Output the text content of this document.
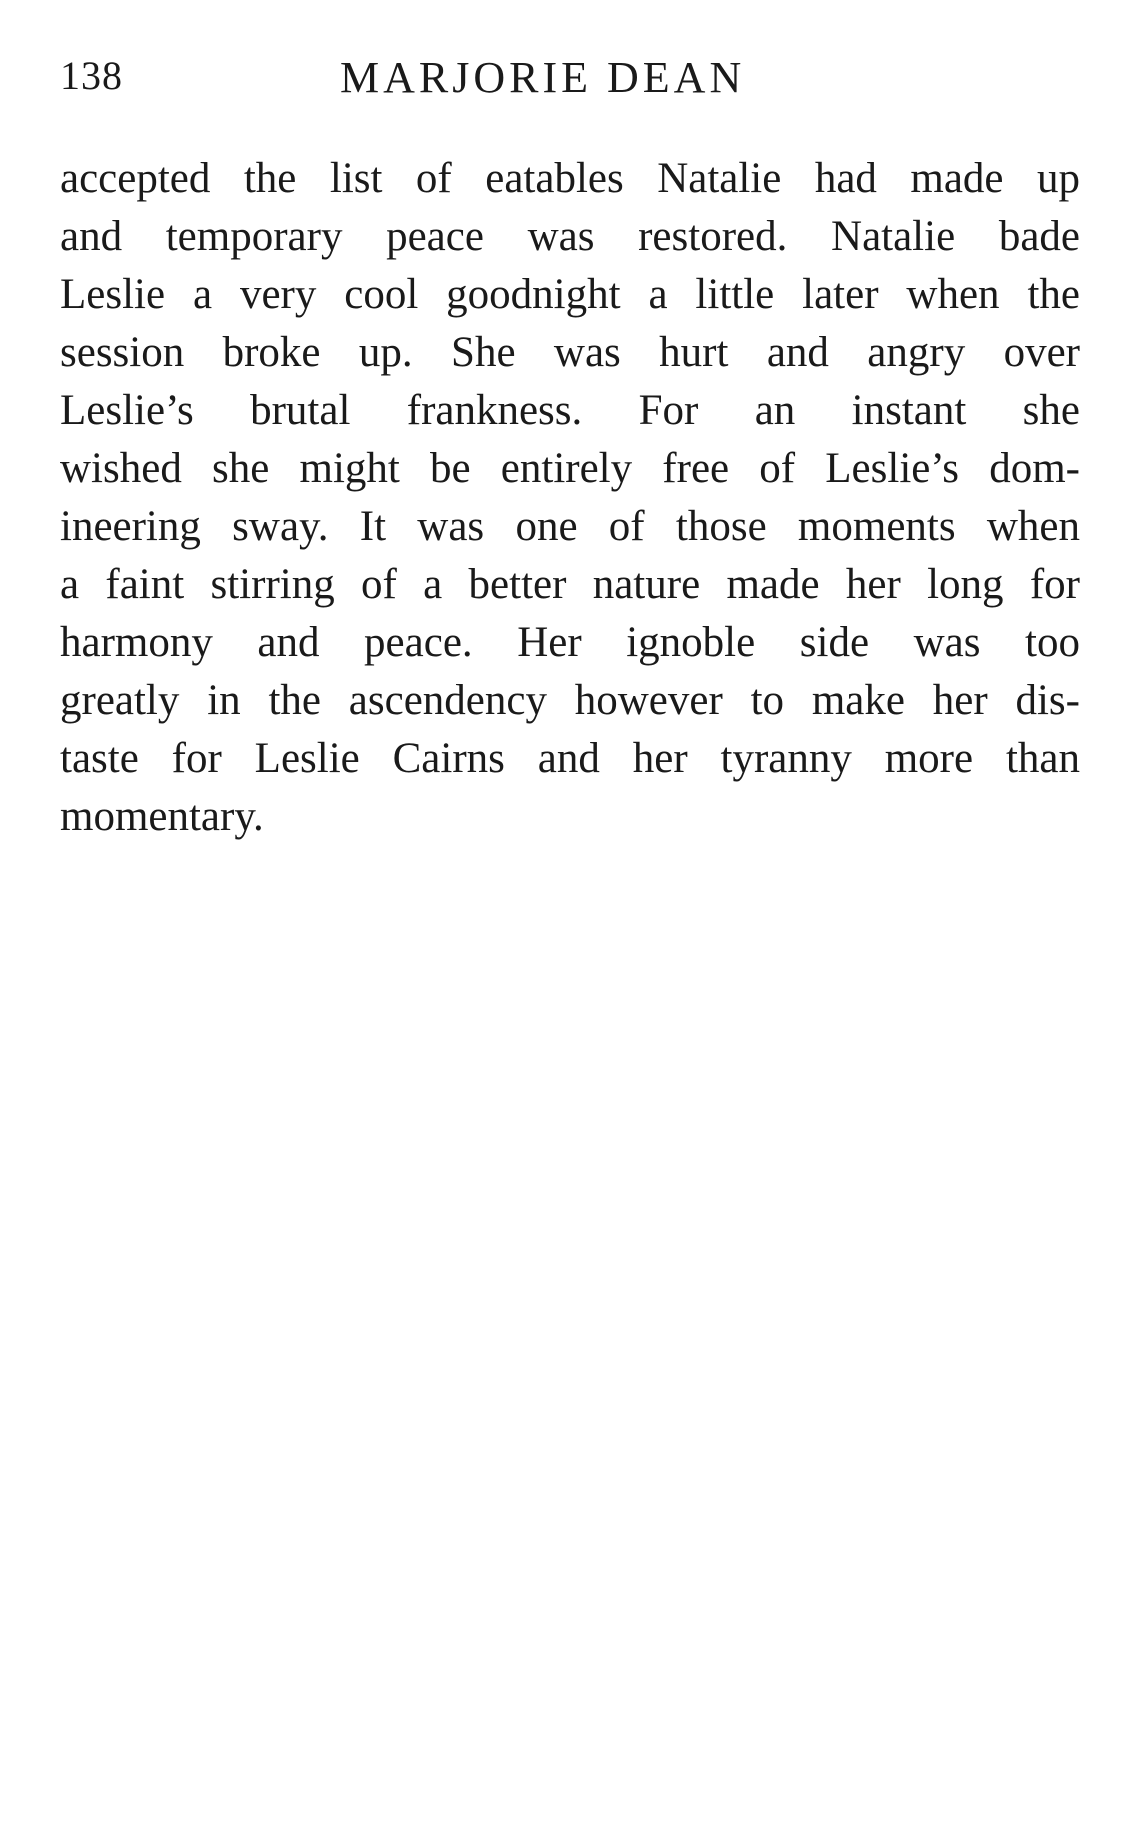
138	MARJORIE DEAN
accepted the list of eatables Natalie had made up
and temporary peace was restored. Natalie bade
Leslie a very cool goodnight a little later when the
session broke up. She was hurt and angry over
Leslie’s brutal frankness. For an instant she
wished she might be entirely free of Leslie’s dom-
ineering sway. It was one of those moments when
a faint stirring of a better nature made her long for
harmony and peace. Her ignoble side was too
greatly in the ascendency however to make her dis-
taste for Leslie Cairns and her tyranny more than
momentary.
